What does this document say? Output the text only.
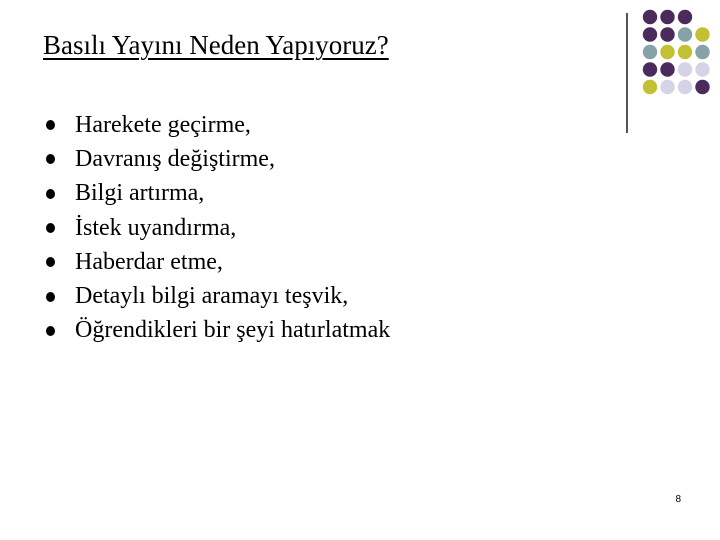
Basılı Yayını Neden Yapıyoruz?
Harekete geçirme,
Davranış değiştirme,
Bilgi artırma,
İstek uyandırma,
Haberdar etme,
Detaylı bilgi aramayı teşvik,
Öğrendikleri bir şeyi hatırlatmak
8
